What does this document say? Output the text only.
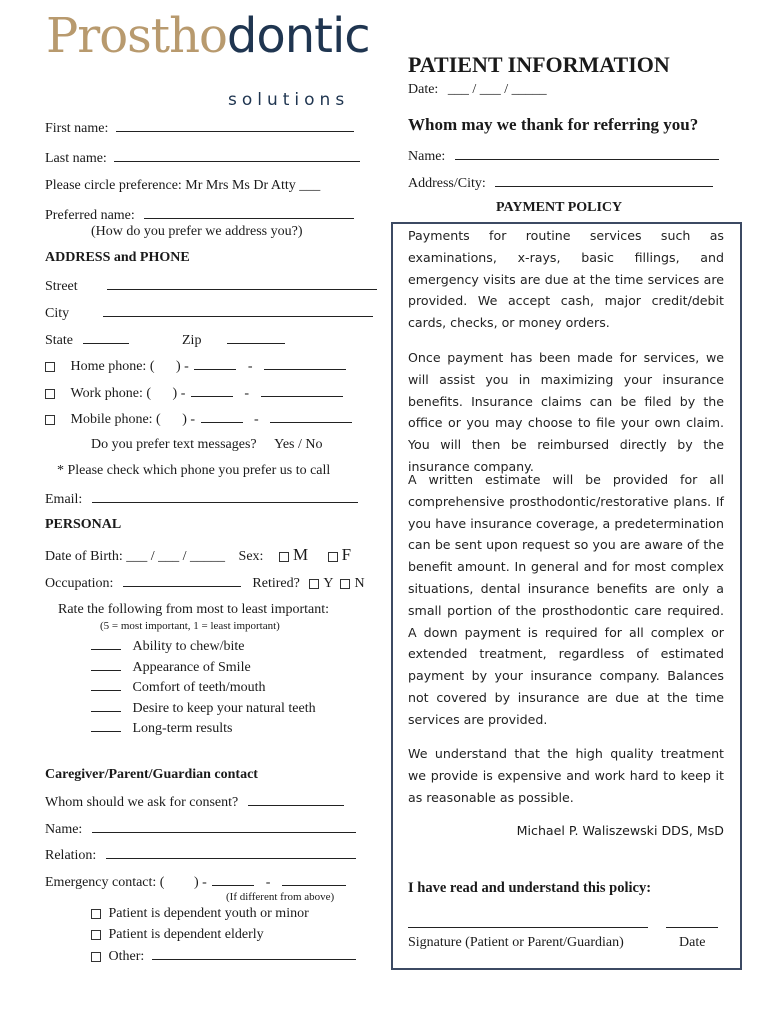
Prosthodontic
solutions
PATIENT INFORMATION
Date: ___ / ___ / _____
First name:
Last name:
Please circle preference: Mr Mrs Ms Dr Atty ___
Preferred name:
(How do you prefer we address you?)
ADDRESS and PHONE
Street
City
State	Zip
Home phone: ( ) -	-
Work phone: ( ) -	-
Mobile phone: ( ) -	-
Do you prefer text messages? Yes / No
* Please check which phone you prefer us to call
Email:
PERSONAL
Date of Birth: ___ / ___ / _____ Sex: M F
Occupation:	Retired? Y N
Rate the following from most to least important:
(5 = most important, 1 = least important)
Ability to chew/bite
Appearance of Smile
Comfort of teeth/mouth
Desire to keep your natural teeth
Long-term results
Caregiver/Parent/Guardian contact
Whom should we ask for consent?
Name:
Relation:
Emergency contact: ( ) -	-
(If different from above)
Patient is dependent youth or minor
Patient is dependent elderly
Other:
Whom may we thank for referring you?
Name:
Address/City:
PAYMENT POLICY
Payments for routine services such as examinations, x-rays, basic fillings, and emergency visits are due at the time services are provided. We accept cash, major credit/debit cards, checks, or money orders.
Once payment has been made for services, we will assist you in maximizing your insurance benefits. Insurance claims can be filed by the office or you may choose to file your own claim. You will then be reimbursed directly by the insurance company.
A written estimate will be provided for all comprehensive prosthodontic/restorative plans. If you have insurance coverage, a predetermination can be sent upon request so you are aware of the benefit amount. In general and for most complex situations, dental insurance benefits are only a small portion of the prosthodontic care required. A down payment is required for all complex or extended treatment, regardless of estimated payment by your insurance company. Balances not covered by insurance are due at the time services are provided.
We understand that the high quality treatment we provide is expensive and work hard to keep it as reasonable as possible.
Michael P. Waliszewski DDS, MsD
I have read and understand this policy:
Signature (Patient or Parent/Guardian)	Date
